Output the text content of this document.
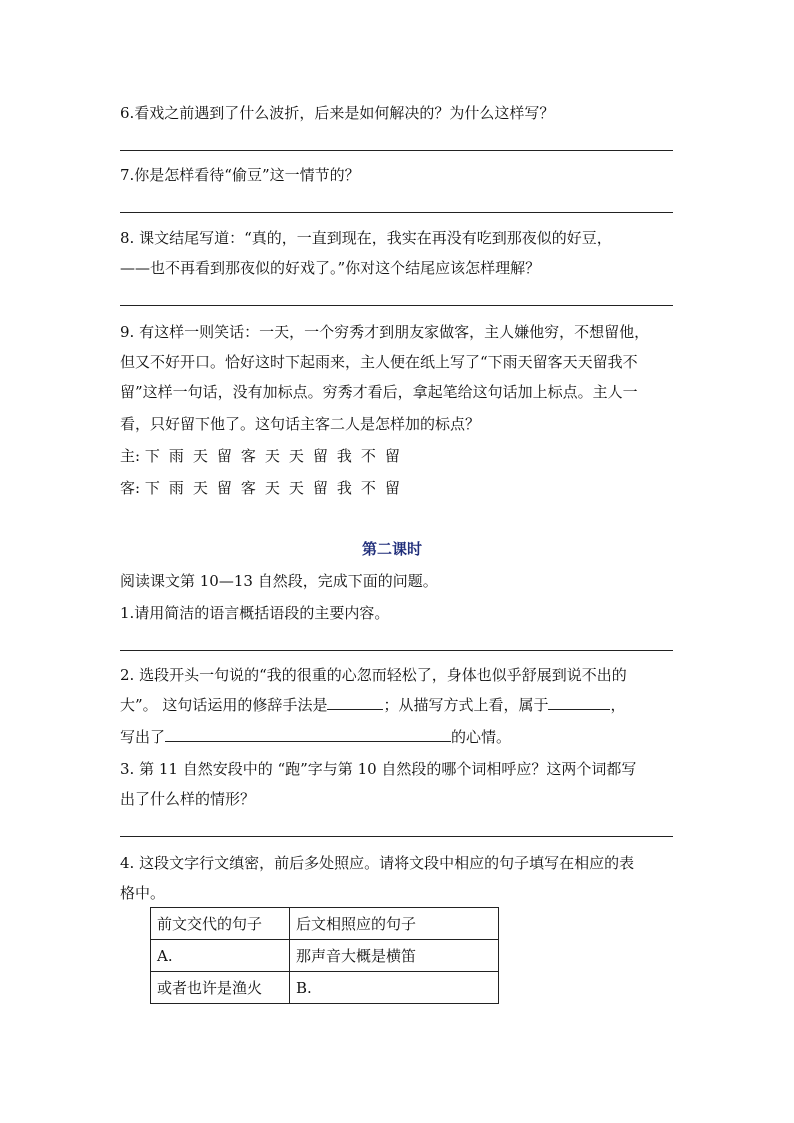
6.看戏之前遇到了什么波折，后来是如何解决的？为什么这样写？
7.你是怎样看待“偷豆”这一情节的？
8. 课文结尾写道：“真的，一直到现在，我实在再没有吃到那夜似的好豆，
——也不再看到那夜似的好戏了。”你对这个结尾应该怎样理解？
9. 有这样一则笑话：一天，一个穷秀才到朋友家做客，主人嫌他穷，不想留他，
但又不好开口。恰好这时下起雨来，主人便在纸上写了“下雨天留客天天留我不
留”这样一句话，没有加标点。穷秀才看后，拿起笔给这句话加上标点。主人一
看，只好留下他了。这句话主客二人是怎样加的标点？
主: 下雨天留客天天留我不留
客: 下雨天留客天天留我不留
第二课时
阅读课文第 10—13 自然段，完成下面的问题。
1.请用简洁的语言概括语段的主要内容。
2. 选段开头一句说的“我的很重的心忽而轻松了，身体也似乎舒展到说不出的
大”。 这句话运用的修辞手法是	；从描写方式上看，属于	，
写出了	的心情。
3. 第 11 自然安段中的 “跑”字与第 10 自然段的哪个词相呼应？这两个词都写
出了什么样的情形？
4. 这段文字行文缜密，前后多处照应。请将文段中相应的句子填写在相应的表
格中。
前文交代的句子	后文相照应的句子
A.	那声音大概是横笛
或者也许是渔火	B.
